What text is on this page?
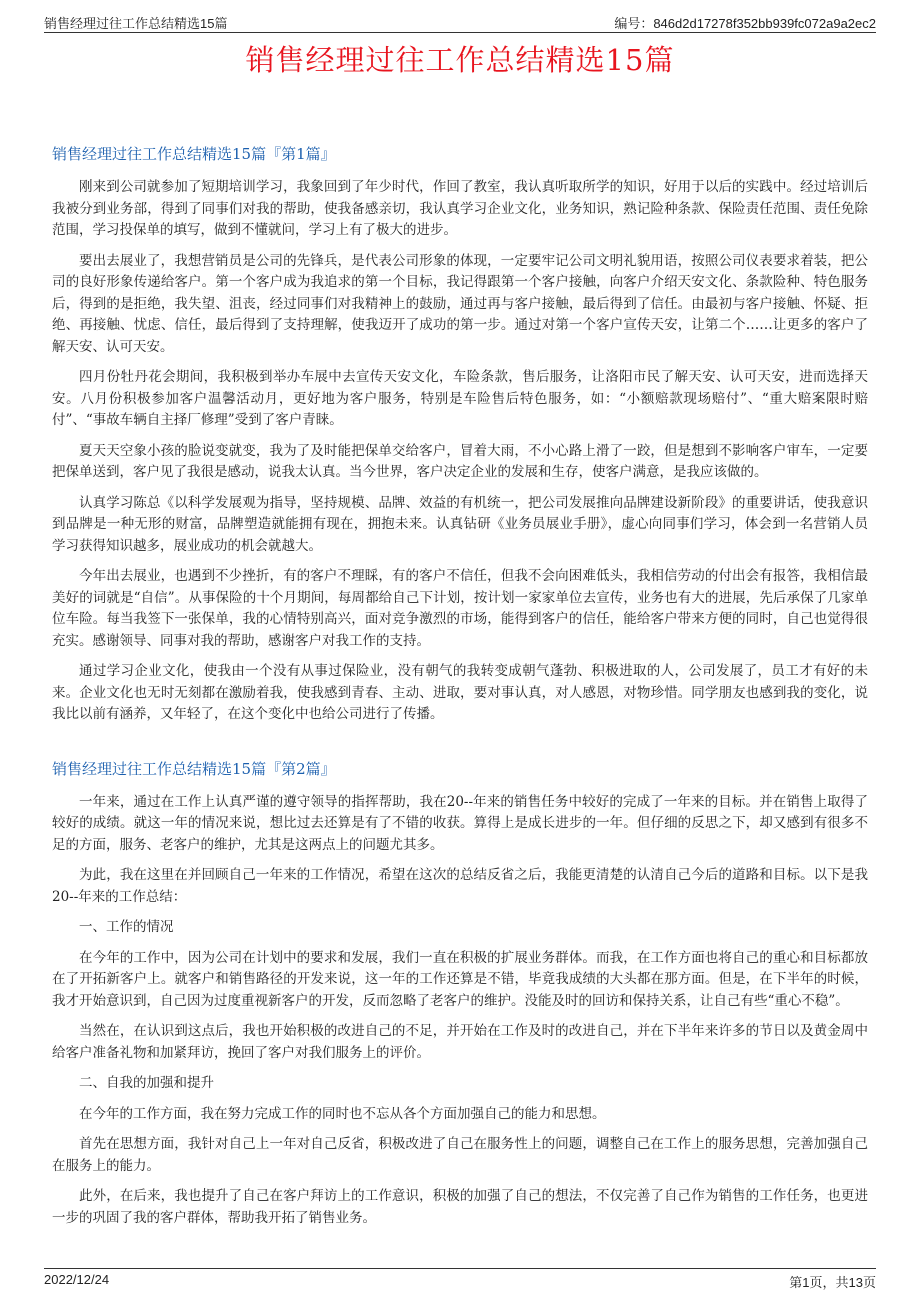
销售经理过往工作总结精选15篇	编号：846d2d17278f352bb939fc072a9a2ec2
销售经理过往工作总结精选15篇
销售经理过往工作总结精选15篇『第1篇』

刚来到公司就参加了短期培训学习，我象回到了年少时代，作回了教室，我认真听取所学的知识，好用于以后的实践中。经过培训后我被分到业务部，得到了同事们对我的帮助，使我备感亲切，我认真学习企业文化，业务知识，熟记险种条款、保险责任范围、责任免除范围，学习投保单的填写，做到不懂就问，学习上有了极大的进步。

要出去展业了，我想营销员是公司的先锋兵，是代表公司形象的体现，一定要牢记公司文明礼貌用语，按照公司仪表要求着装，把公司的良好形象传递给客户。第一个客户成为我追求的第一个目标，我记得跟第一个客户接触，向客户介绍天安文化、条款险种、特色服务后，得到的是拒绝，我失望、沮丧，经过同事们对我精神上的鼓励，通过再与客户接触，最后得到了信任。由最初与客户接触、怀疑、拒绝、再接触、忧虑、信任，最后得到了支持理解，使我迈开了成功的第一步。通过对第一个客户宣传天安，让第二个……让更多的客户了解天安、认可天安。

四月份牡丹花会期间，我积极到举办车展中去宣传天安文化，车险条款，售后服务，让洛阳市民了解天安、认可天安，进而选择天安。八月份积极参加客户温馨活动月，更好地为客户服务，特别是车险售后特色服务，如：“小额赔款现场赔付”、“重大赔案限时赔付”、“事故车辆自主择厂修理”受到了客户青睐。

夏天天空象小孩的脸说变就变，我为了及时能把保单交给客户，冒着大雨，不小心路上滑了一跤，但是想到不影响客户审车，一定要把保单送到，客户见了我很是感动，说我太认真。当今世界，客户决定企业的发展和生存，使客户满意，是我应该做的。

认真学习陈总《以科学发展观为指导，坚持规模、品牌、效益的有机统一，把公司发展推向品牌建设新阶段》的重要讲话，使我意识到品牌是一种无形的财富，品牌塑造就能拥有现在，拥抱未来。认真钻研《业务员展业手册》，虚心向同事们学习，体会到一名营销人员学习获得知识越多，展业成功的机会就越大。

今年出去展业，也遇到不少挫折，有的客户不理睬，有的客户不信任，但我不会向困难低头，我相信劳动的付出会有报答，我相信最美好的词就是“自信”。从事保险的十个月期间，每周都给自己下计划，按计划一家家单位去宣传，业务也有大的进展，先后承保了几家单位车险。每当我签下一张保单，我的心情特别高兴，面对竞争激烈的市场，能得到客户的信任，能给客户带来方便的同时，自己也觉得很充实。感谢领导、同事对我的帮助，感谢客户对我工作的支持。

通过学习企业文化，使我由一个没有从事过保险业，没有朝气的我转变成朝气蓬勃、积极进取的人，公司发展了，员工才有好的未来。企业文化也无时无刻都在激励着我，使我感到青春、主动、进取，要对事认真，对人感恩，对物珍惜。同学朋友也感到我的变化，说我比以前有涵养，又年轻了，在这个变化中也给公司进行了传播。

销售经理过往工作总结精选15篇『第2篇』

一年来，通过在工作上认真严谨的遵守领导的指挥帮助，我在20--年来的销售任务中较好的完成了一年来的目标。并在销售上取得了较好的成绩。就这一年的情况来说，想比过去还算是有了不错的收获。算得上是成长进步的一年。但仔细的反思之下，却又感到有很多不足的方面，服务、老客户的维护，尤其是这两点上的问题尤其多。

为此，我在这里在并回顾自己一年来的工作情况，希望在这次的总结反省之后，我能更清楚的认清自己今后的道路和目标。以下是我20--年来的工作总结：

一、工作的情况

在今年的工作中，因为公司在计划中的要求和发展，我们一直在积极的扩展业务群体。而我，在工作方面也将自己的重心和目标都放在了开拓新客户上。就客户和销售路径的开发来说，这一年的工作还算是不错，毕竟我成绩的大头都在那方面。但是，在下半年的时候，我才开始意识到，自己因为过度重视新客户的开发，反而忽略了老客户的维护。没能及时的回访和保持关系，让自己有些“重心不稳”。

当然在，在认识到这点后，我也开始积极的改进自己的不足，并开始在工作及时的改进自己，并在下半年来许多的节日以及黄金周中给客户准备礼物和加紧拜访，挽回了客户对我们服务上的评价。

二、自我的加强和提升

在今年的工作方面，我在努力完成工作的同时也不忘从各个方面加强自己的能力和思想。

首先在思想方面，我针对自己上一年对自己反省，积极改进了自己在服务性上的问题，调整自己在工作上的服务思想，完善加强自己在服务上的能力。

此外，在后来，我也提升了自己在客户拜访上的工作意识，积极的加强了自己的想法，不仅完善了自己作为销售的工作任务，也更进一步的巩固了我的客户群体，帮助我开拓了销售业务。

2022/12/24	第1页，共13页
